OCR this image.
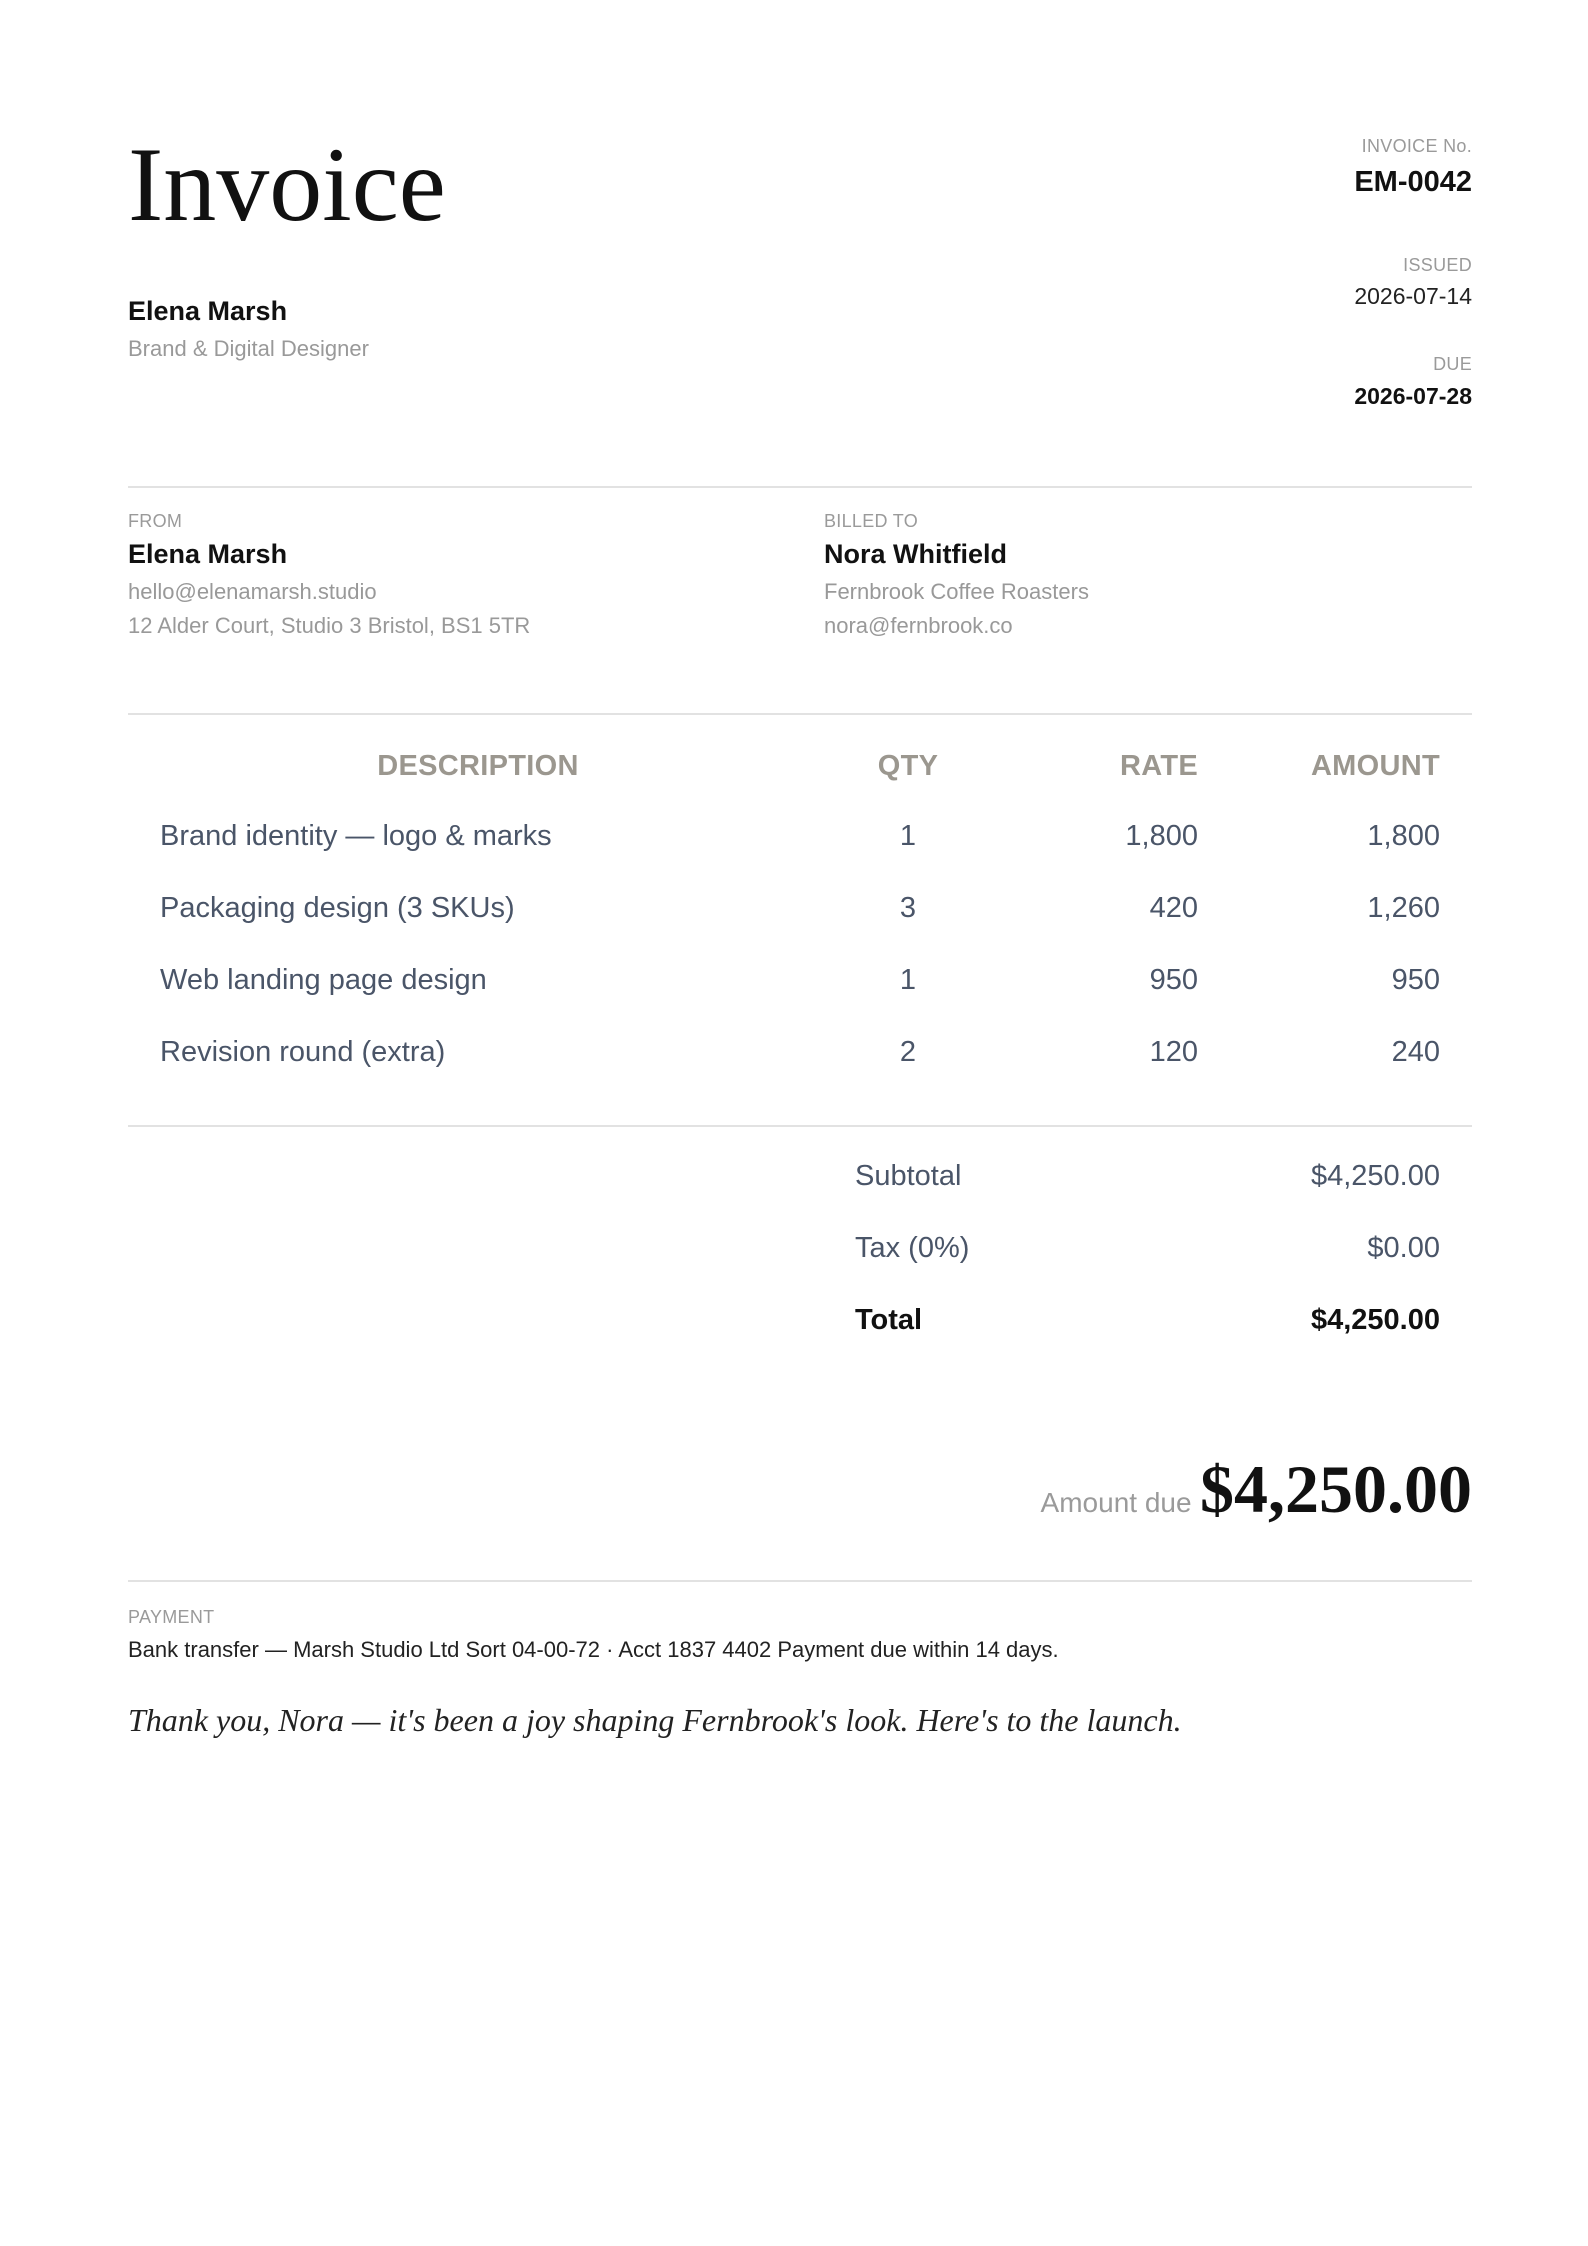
Invoice
Elena Marsh
Brand & Digital Designer
INVOICE No.
EM-0042
ISSUED
2026-07-14
DUE
2026-07-28
FROM
Elena Marsh
hello@elenamarsh.studio
12 Alder Court, Studio 3 Bristol, BS1 5TR
BILLED TO
Nora Whitfield
Fernbrook Coffee Roasters
nora@fernbrook.co
DESCRIPTION	QTY	RATE	AMOUNT
Brand identity — logo & marks	1	1,800	1,800
Packaging design (3 SKUs)	3	420	1,260
Web landing page design	1	950	950
Revision round (extra)	2	120	240
Subtotal	$4,250.00
Tax (0%)	$0.00
Total	$4,250.00
Amount due $4,250.00
PAYMENT
Bank transfer — Marsh Studio Ltd Sort 04-00-72 · Acct 1837 4402 Payment due within 14 days.
Thank you, Nora — it's been a joy shaping Fernbrook's look. Here's to the launch.
